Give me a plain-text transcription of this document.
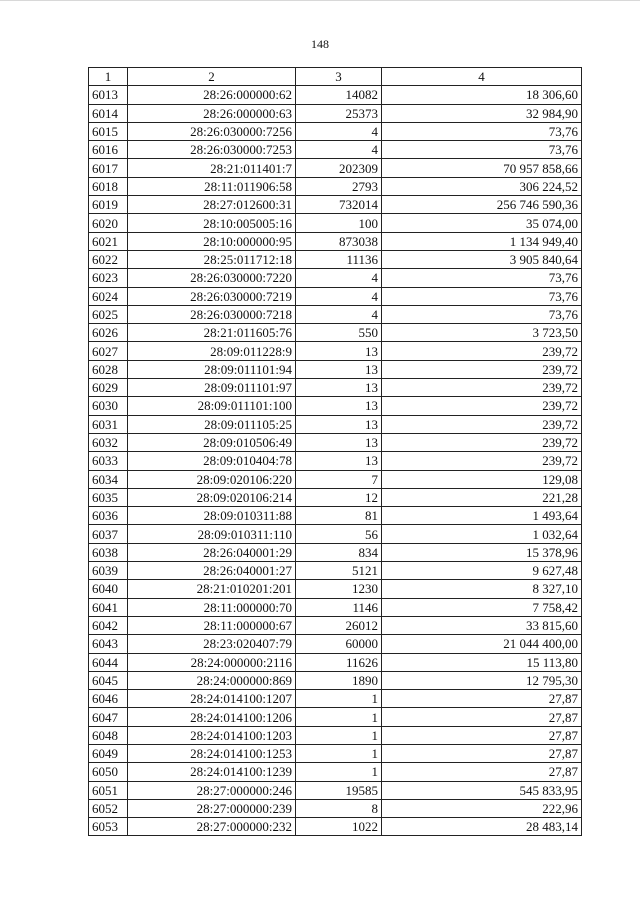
148
1	2	3	4
6013	28:26:000000:62	14082	18 306,60
6014	28:26:000000:63	25373	32 984,90
6015	28:26:030000:7256	4	73,76
6016	28:26:030000:7253	4	73,76
6017	28:21:011401:7	202309	70 957 858,66
6018	28:11:011906:58	2793	306 224,52
6019	28:27:012600:31	732014	256 746 590,36
6020	28:10:005005:16	100	35 074,00
6021	28:10:000000:95	873038	1 134 949,40
6022	28:25:011712:18	11136	3 905 840,64
6023	28:26:030000:7220	4	73,76
6024	28:26:030000:7219	4	73,76
6025	28:26:030000:7218	4	73,76
6026	28:21:011605:76	550	3 723,50
6027	28:09:011228:9	13	239,72
6028	28:09:011101:94	13	239,72
6029	28:09:011101:97	13	239,72
6030	28:09:011101:100	13	239,72
6031	28:09:011105:25	13	239,72
6032	28:09:010506:49	13	239,72
6033	28:09:010404:78	13	239,72
6034	28:09:020106:220	7	129,08
6035	28:09:020106:214	12	221,28
6036	28:09:010311:88	81	1 493,64
6037	28:09:010311:110	56	1 032,64
6038	28:26:040001:29	834	15 378,96
6039	28:26:040001:27	5121	9 627,48
6040	28:21:010201:201	1230	8 327,10
6041	28:11:000000:70	1146	7 758,42
6042	28:11:000000:67	26012	33 815,60
6043	28:23:020407:79	60000	21 044 400,00
6044	28:24:000000:2116	11626	15 113,80
6045	28:24:000000:869	1890	12 795,30
6046	28:24:014100:1207	1	27,87
6047	28:24:014100:1206	1	27,87
6048	28:24:014100:1203	1	27,87
6049	28:24:014100:1253	1	27,87
6050	28:24:014100:1239	1	27,87
6051	28:27:000000:246	19585	545 833,95
6052	28:27:000000:239	8	222,96
6053	28:27:000000:232	1022	28 483,14
